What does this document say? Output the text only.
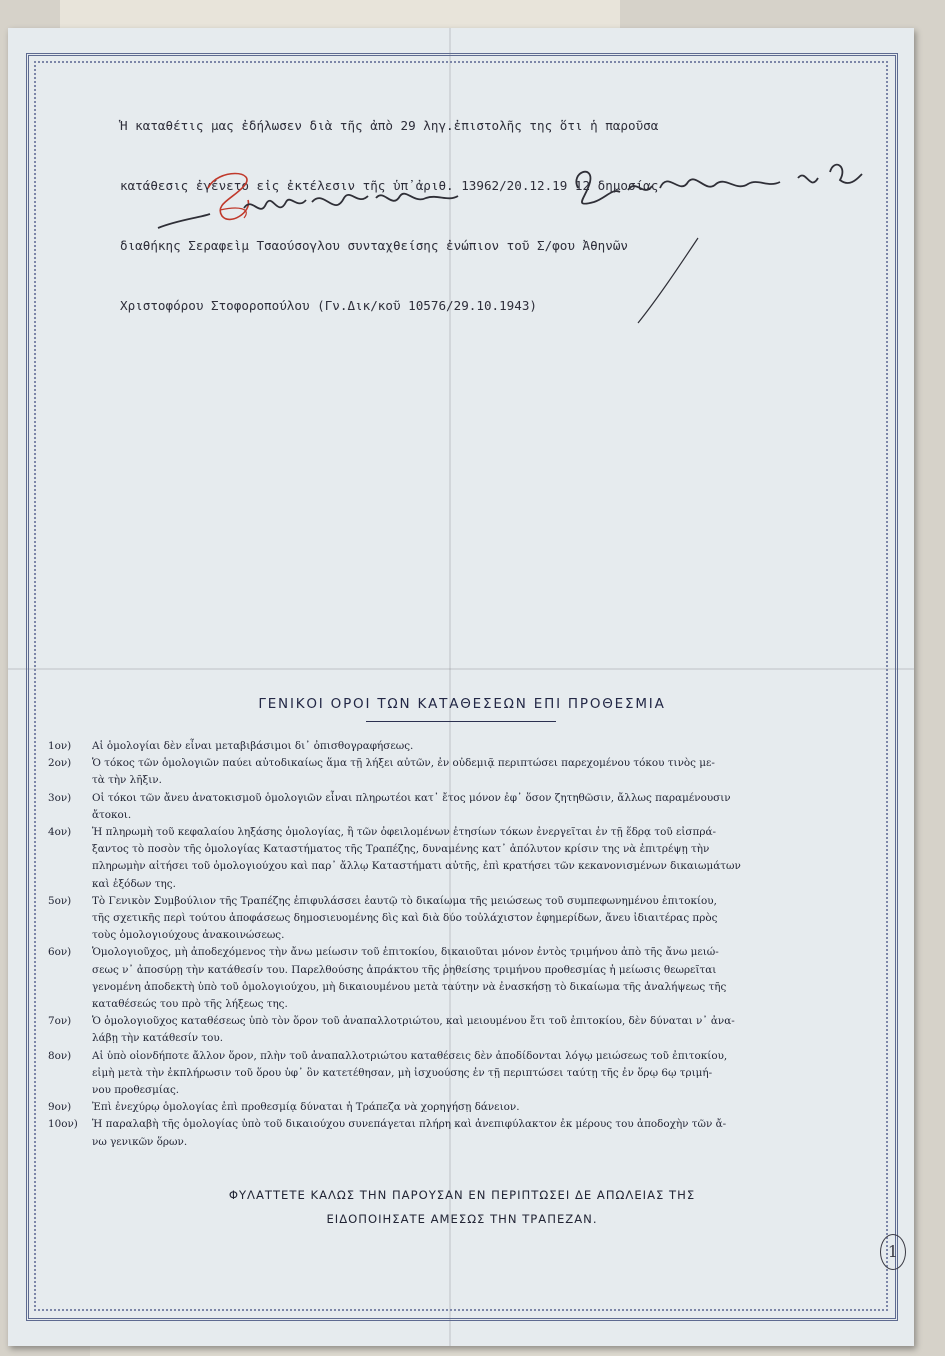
Ἡ καταθέτις μας ἐδήλωσεν διὰ τῆς ἀπὸ 29 ληγ.ἐπιστολῆς της ὅτι ἡ παροῦσα

κατάθεσις ἐγένετο εἰς ἐκτέλεσιν τῆς ὑπ᾽ἀριθ. 13962/20.12.19 12 δημοσίας

διαθήκης Σεραφεὶμ Τσαούσογλου συνταχθείσης ἐνώπιον τοῦ Σ/φου Ἀθηνῶν

Χριστοφόρου Στοφοροπούλου (Γν.Δικ/κοῦ 10576/29.10.1943)

ΓΕΝΙΚΟΙ ΟΡΟΙ ΤΩΝ ΚΑΤΑΘΕΣΕΩΝ ΕΠΙ ΠΡΟΘΕΣΜΙΑ
1ον)	Αἱ ὁμολογίαι δὲν εἶναι μεταβιβάσιμοι δι᾽ ὀπισθογραφήσεως.
2ον)	Ὁ τόκος τῶν ὁμολογιῶν παύει αὐτοδικαίως ἅμα τῇ λήξει αὐτῶν, ἐν οὐδεμιᾷ περιπτώσει παρεχομένου τόκου τινὸς με-
τὰ τὴν λῆξιν.
3ον)	Οἱ τόκοι τῶν ἄνευ ἀνατοκισμοῦ ὁμολογιῶν εἶναι πληρωτέοι κατ᾽ ἔτος μόνον ἐφ᾽ ὅσον ζητηθῶσιν, ἄλλως παραμένουσιν
ἄτοκοι.
4ον)	Ἡ πληρωμὴ τοῦ κεφαλαίου ληξάσης ὁμολογίας, ἢ τῶν ὀφειλομένων ἐτησίων τόκων ἐνεργεῖται ἐν τῇ ἕδρᾳ τοῦ εἰσπρά-
ξαντος τὸ ποσὸν τῆς ὁμολογίας Καταστήματος τῆς Τραπέζης, δυναμένης κατ᾽ ἀπόλυτον κρίσιν της νὰ ἐπιτρέψῃ τὴν
πληρωμὴν αἰτήσει τοῦ ὁμολογιούχου καὶ παρ᾽ ἄλλῳ Καταστήματι αὐτῆς, ἐπὶ κρατήσει τῶν κεκανονισμένων δικαιωμάτων
καὶ ἐξόδων της.
5ον)	Τὸ Γενικὸν Συμβούλιον τῆς Τραπέζης ἐπιφυλάσσει ἑαυτῷ τὸ δικαίωμα τῆς μειώσεως τοῦ συμπεφωνημένου ἐπιτοκίου,
τῆς σχετικῆς περὶ τούτου ἀποφάσεως δημοσιευομένης δὶς καὶ διὰ δύο τοὐλάχιστον ἐφημερίδων, ἄνευ ἰδιαιτέρας πρὸς
τοὺς ὁμολογιούχους ἀνακοινώσεως.
6ον)	Ὁμολογιοῦχος, μὴ ἀποδεχόμενος τὴν ἄνω μείωσιν τοῦ ἐπιτοκίου, δικαιοῦται μόνον ἐντὸς τριμήνου ἀπὸ τῆς ἄνω μειώ-
σεως ν᾽ ἀποσύρῃ τὴν κατάθεσίν του. Παρελθούσης ἀπράκτου τῆς ῥηθείσης τριμήνου προθεσμίας ἡ μείωσις θεωρεῖται
γενομένη ἀποδεκτὴ ὑπὸ τοῦ ὁμολογιούχου, μὴ δικαιουμένου μετὰ ταύτην νὰ ἐνασκήσῃ τὸ δικαίωμα τῆς ἀναλήψεως τῆς
καταθέσεώς του πρὸ τῆς λήξεως της.
7ον)	Ὁ ὁμολογιοῦχος καταθέσεως ὑπὸ τὸν ὅρον τοῦ ἀναπαλλοτριώτου, καὶ μειουμένου ἔτι τοῦ ἐπιτοκίου, δὲν δύναται ν᾽ ἀνα-
λάβῃ τὴν κατάθεσίν του.
8ον)	Αἱ ὑπὸ οἱονδήποτε ἄλλον ὅρον, πλὴν τοῦ ἀναπαλλοτριώτου καταθέσεις δὲν ἀποδίδονται λόγῳ μειώσεως τοῦ ἐπιτοκίου,
εἰμὴ μετὰ τὴν ἐκπλήρωσιν τοῦ ὅρου ὑφ᾽ ὃν κατετέθησαν, μὴ ἰσχυούσης ἐν τῇ περιπτώσει ταύτῃ τῆς ἐν ὅρῳ 6ῳ τριμή-
νου προθεσμίας.
9ον)	Ἐπὶ ἐνεχύρῳ ὁμολογίας ἐπὶ προθεσμίᾳ δύναται ἡ Τράπεζα νὰ χορηγήσῃ δάνειον.
10ον)	Ἡ παραλαβὴ τῆς ὁμολογίας ὑπὸ τοῦ δικαιούχου συνεπάγεται πλήρη καὶ ἀνεπιφύλακτον ἐκ μέρους του ἀποδοχὴν τῶν ἄ-
νω γενικῶν ὅρων.
ΦΥΛΑΤΤΕΤΕ ΚΑΛΩΣ ΤΗΝ ΠΑΡΟΥΣΑΝ ΕΝ ΠΕΡΙΠΤΩΣΕΙ ΔΕ ΑΠΩΛΕΙΑΣ ΤΗΣ
ΕΙΔΟΠΟΙΗΣΑΤΕ ΑΜΕΣΩΣ ΤΗΝ ΤΡΑΠΕΖΑΝ.
1
